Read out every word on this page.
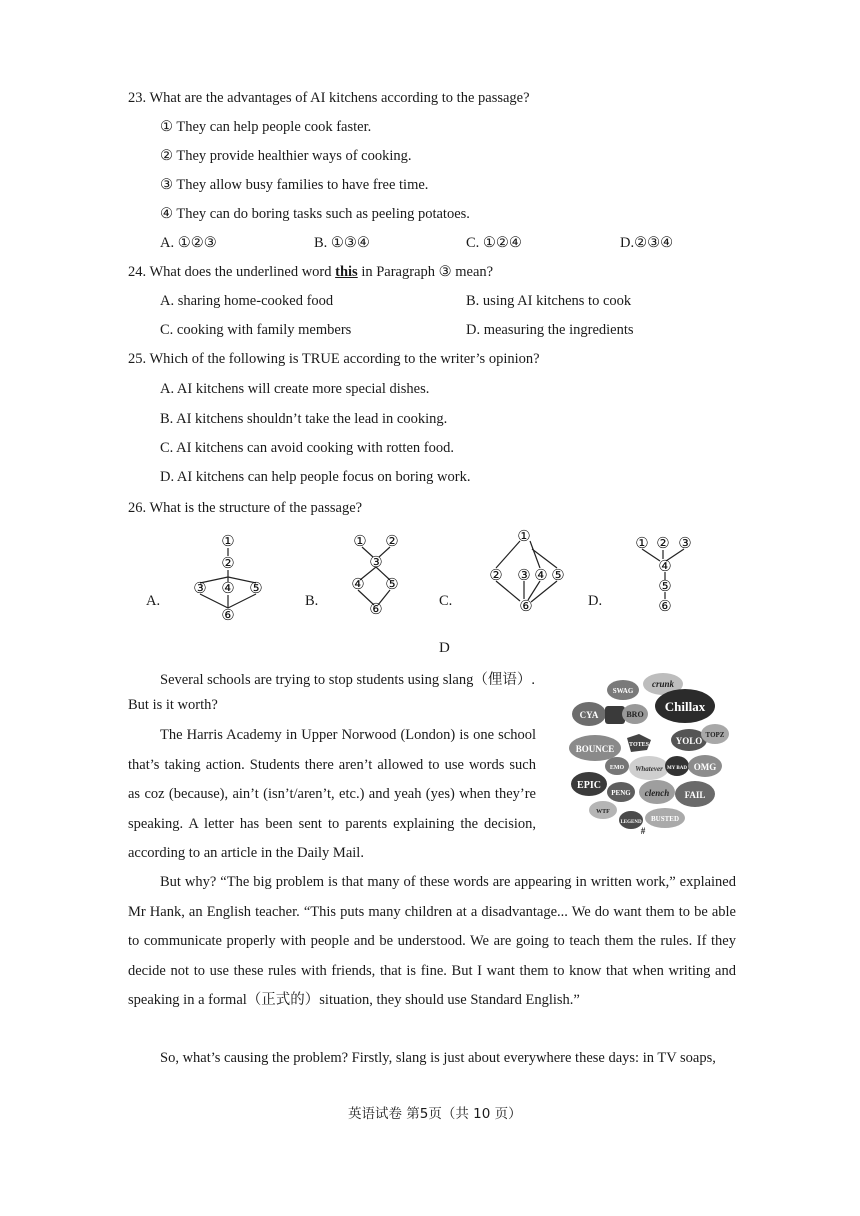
23. What are the advantages of AI kitchens according to the passage?
① They can help people cook faster.
② They provide healthier ways of cooking.
③ They allow busy families to have free time.
④ They can do boring tasks such as peeling potatoes.
A. ①②③	B. ①③④	C. ①②④	D.②③④
24. What does the underlined word this in Paragraph ③ mean?
A. sharing home-cooked food	B. using AI kitchens to cook
C. cooking with family members	D. measuring the ingredients
25. Which of the following is TRUE according to the writer’s opinion?
A. AI kitchens will create more special dishes.
B. AI kitchens shouldn’t take the lead in cooking.
C. AI kitchens can avoid cooking with rotten food.
D. AI kitchens can help people focus on boring work.
26. What is the structure of the passage?
A.	B.	C.	D.
①
②
③ ④ ⑤
⑥
① ②
③
④ ⑤
⑥
①
② ③ ④ ⑤
⑥
① ② ③
④
⑤
⑥
D
Several schools are trying to stop students using slang（俚语）.
But is it worth?
The Harris Academy in Upper Norwood (London) is one school that’s taking action. Students there aren’t allowed to use words such as coz (because), ain’t (isn’t/aren’t, etc.) and yeah (yes) when they’re speaking. A letter has been sent to parents explaining the decision, according to an article in the Daily Mail.
SWAG
crunk
Chillax
CYA	BRO
TOTES
TOPZ
YOLO
BOUNCE
EMO Whatever MY BAD OMG
EPIC
PENG clench FAIL
WTF
LEGEND BUSTED
#
But why? “The big problem is that many of these words are appearing in written work,” explained Mr Hank, an English teacher. “This puts many children at a disadvantage... We do want them to be able to communicate properly with people and be understood. We are going to teach them the rules. If they decide not to use these rules with friends, that is fine. But I want them to know that when writing and speaking in a formal（正式的）situation, they should use Standard English.”
So, what’s causing the problem? Firstly, slang is just about everywhere these days: in TV soaps,
英语试卷 第5页（共 10 页）
